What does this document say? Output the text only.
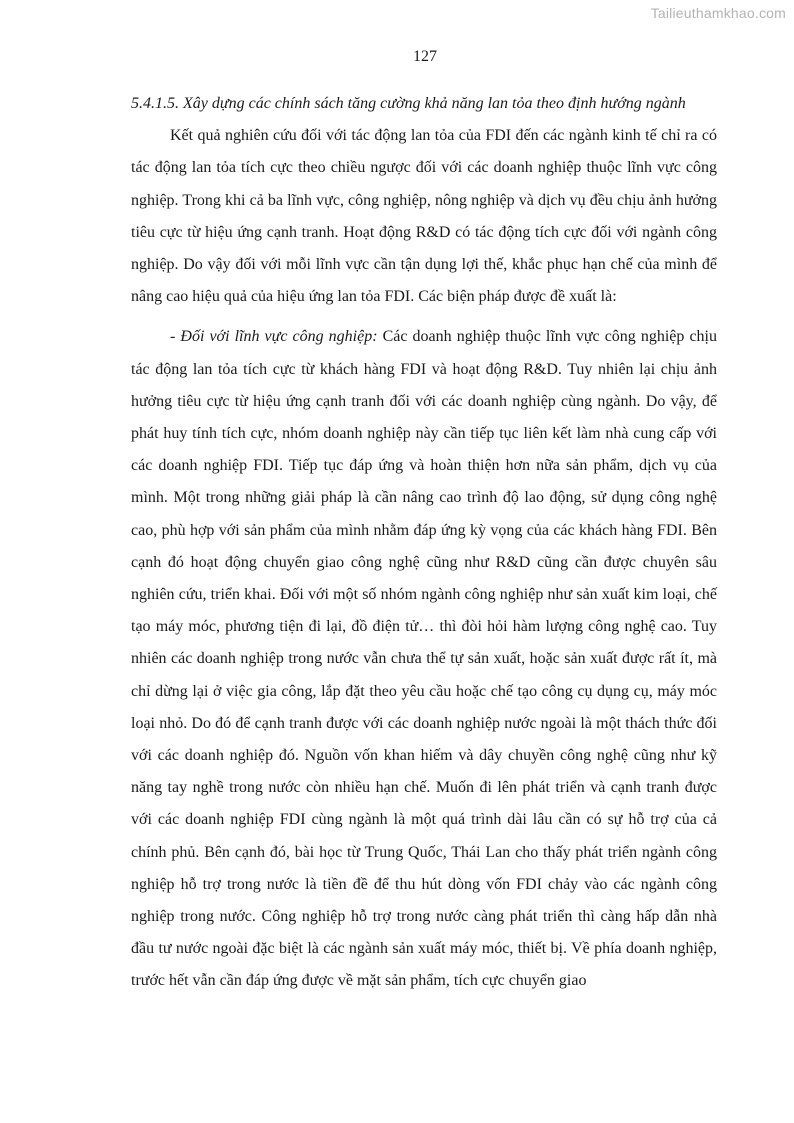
Tailieuthamkhao.com
127

5.4.1.5. Xây dựng các chính sách tăng cường khả năng lan tỏa theo định hướng ngành

Kết quả nghiên cứu đối với tác động lan tỏa của FDI đến các ngành kinh tế chỉ ra có tác động lan tỏa tích cực theo chiều ngược đối với các doanh nghiệp thuộc lĩnh vực công nghiệp. Trong khi cả ba lĩnh vực, công nghiệp, nông nghiệp và dịch vụ đều chịu ảnh hưởng tiêu cực từ hiệu ứng cạnh tranh. Hoạt động R&D có tác động tích cực đối với ngành công nghiệp. Do vậy đối với mỗi lĩnh vực cần tận dụng lợi thế, khắc phục hạn chế của mình để nâng cao hiệu quả của hiệu ứng lan tỏa FDI. Các biện pháp được đề xuất là:

- Đối với lĩnh vực công nghiệp: Các doanh nghiệp thuộc lĩnh vực công nghiệp chịu tác động lan tỏa tích cực từ khách hàng FDI và hoạt động R&D. Tuy nhiên lại chịu ảnh hưởng tiêu cực từ hiệu ứng cạnh tranh đối với các doanh nghiệp cùng ngành. Do vậy, để phát huy tính tích cực, nhóm doanh nghiệp này cần tiếp tục liên kết làm nhà cung cấp với các doanh nghiệp FDI. Tiếp tục đáp ứng và hoàn thiện hơn nữa sản phẩm, dịch vụ của mình. Một trong những giải pháp là cần nâng cao trình độ lao động, sử dụng công nghệ cao, phù hợp với sản phẩm của mình nhằm đáp ứng kỳ vọng của các khách hàng FDI. Bên cạnh đó hoạt động chuyển giao công nghệ cũng như R&D cũng cần được chuyên sâu nghiên cứu, triển khai. Đối với một số nhóm ngành công nghiệp như sản xuất kim loại, chế tạo máy móc, phương tiện đi lại, đồ điện tử… thì đòi hỏi hàm lượng công nghệ cao. Tuy nhiên các doanh nghiệp trong nước vẫn chưa thể tự sản xuất, hoặc sản xuất được rất ít, mà chỉ dừng lại ở việc gia công, lắp đặt theo yêu cầu hoặc chế tạo công cụ dụng cụ, máy móc loại nhỏ. Do đó để cạnh tranh được với các doanh nghiệp nước ngoài là một thách thức đối với các doanh nghiệp đó. Nguồn vốn khan hiếm và dây chuyền công nghệ cũng như kỹ năng tay nghề trong nước còn nhiều hạn chế. Muốn đi lên phát triển và cạnh tranh được với các doanh nghiệp FDI cùng ngành là một quá trình dài lâu cần có sự hỗ trợ của cả chính phủ. Bên cạnh đó, bài học từ Trung Quốc, Thái Lan cho thấy phát triển ngành công nghiệp hỗ trợ trong nước là tiền đề để thu hút dòng vốn FDI chảy vào các ngành công nghiệp trong nước. Công nghiệp hỗ trợ trong nước càng phát triển thì càng hấp dẫn nhà đầu tư nước ngoài đặc biệt là các ngành sản xuất máy móc, thiết bị. Về phía doanh nghiệp, trước hết vẫn cần đáp ứng được về mặt sản phẩm, tích cực chuyển giao
